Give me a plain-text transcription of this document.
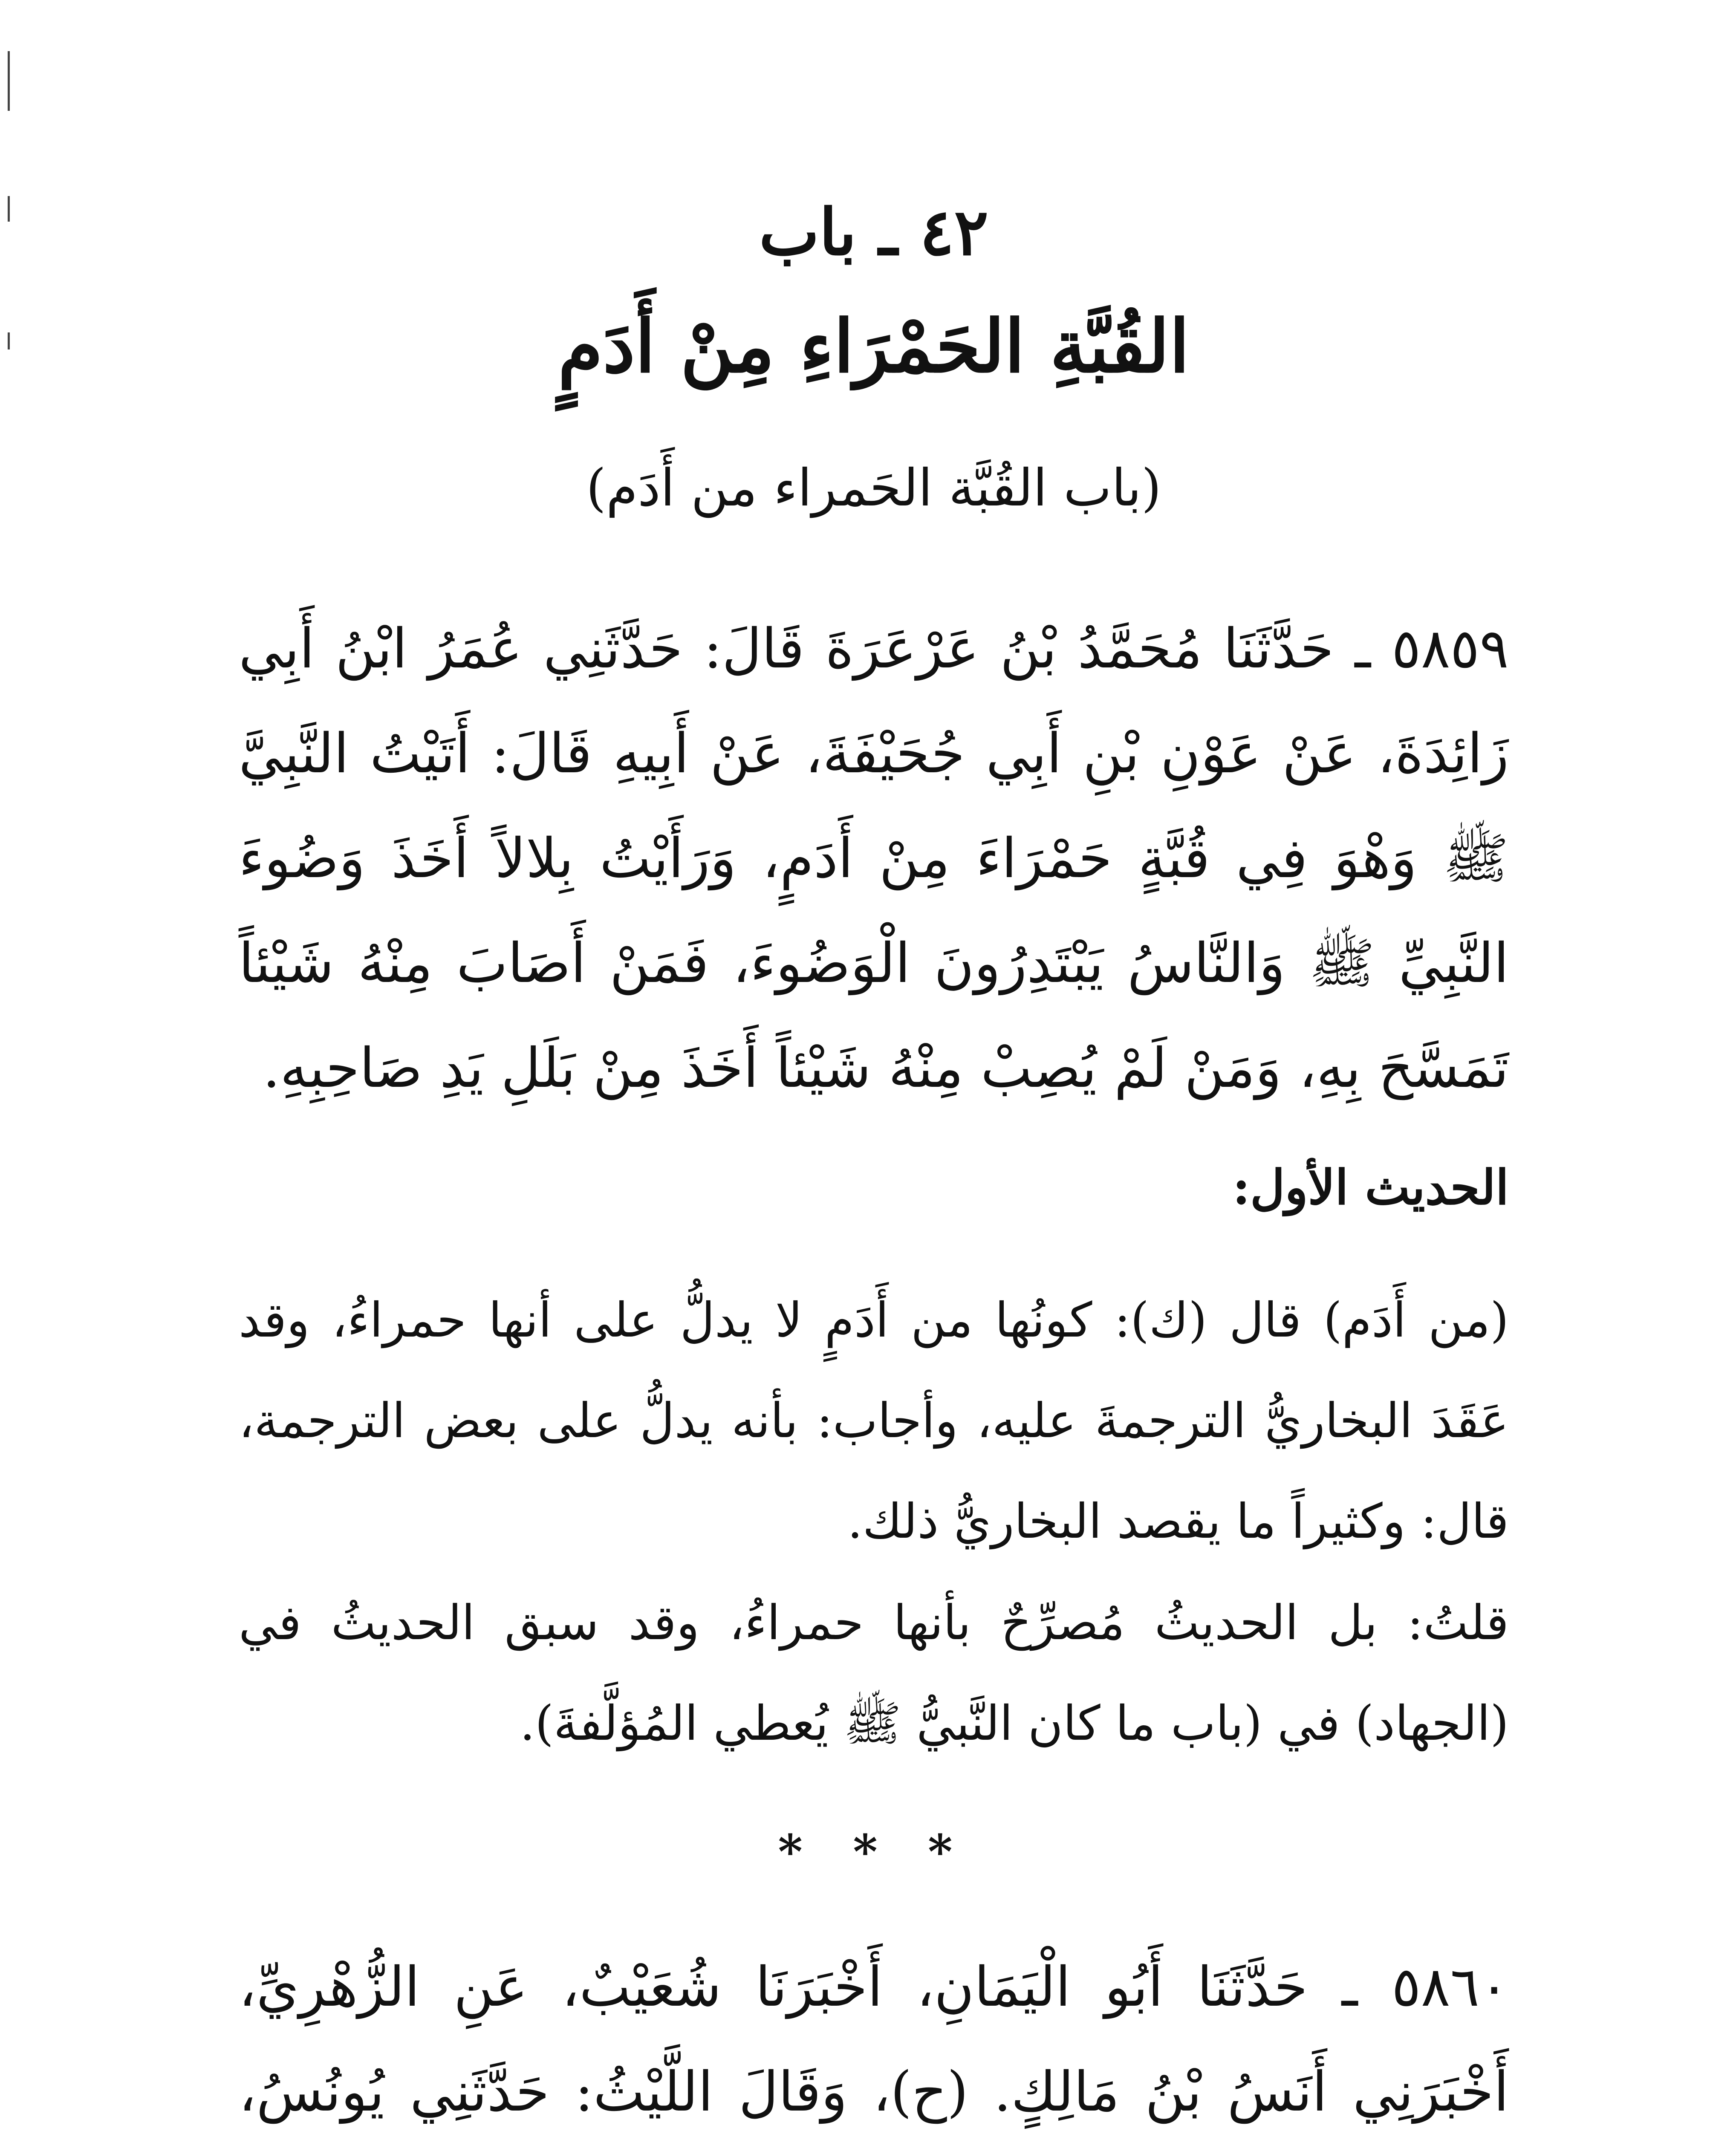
٤٢ ـ باب
القُبَّةِ الحَمْرَاءِ مِنْ أَدَمٍ
(باب القُبَّة الحَمراء من أَدَم)
٥٨٥٩ ـ حَدَّثَنَا مُحَمَّدُ بْنُ عَرْعَرَةَ قَالَ: حَدَّثَنِي عُمَرُ ابْنُ أَبِي زَائِدَةَ، عَنْ عَوْنِ بْنِ أَبِي جُحَيْفَةَ، عَنْ أَبِيهِ قَالَ: أَتَيْتُ النَّبِيَّ ﷺ وَهْوَ فِي قُبَّةٍ حَمْرَاءَ مِنْ أَدَمٍ، وَرَأَيْتُ بِلالاً أَخَذَ وَضُوءَ النَّبِيِّ ﷺ وَالنَّاسُ يَبْتَدِرُونَ الْوَضُوءَ، فَمَنْ أَصَابَ مِنْهُ شَيْئاً تَمَسَّحَ بِهِ، وَمَنْ لَمْ يُصِبْ مِنْهُ شَيْئاً أَخَذَ مِنْ بَلَلِ يَدِ صَاحِبِهِ.
الحديث الأول:
(من أَدَم) قال (ك): كونُها من أَدَمٍ لا يدلُّ على أنها حمراءُ، وقد عَقَدَ البخاريُّ الترجمةَ عليه، وأجاب: بأنه يدلُّ على بعض الترجمة، قال: وكثيراً ما يقصد البخاريُّ ذلك.
قلتُ: بل الحديثُ مُصرِّحٌ بأنها حمراءُ، وقد سبق الحديثُ في (الجهاد) في (باب ما كان النَّبيُّ ﷺ يُعطي المُؤلَّفةَ).
* * *
٥٨٦٠ ـ حَدَّثَنَا أَبُو الْيَمَانِ، أَخْبَرَنَا شُعَيْبٌ، عَنِ الزُّهْرِيِّ، أَخْبَرَنِي أَنَسُ بْنُ مَالِكٍ. (ح)، وَقَالَ اللَّيْثُ: حَدَّثَنِي يُونُسُ،
